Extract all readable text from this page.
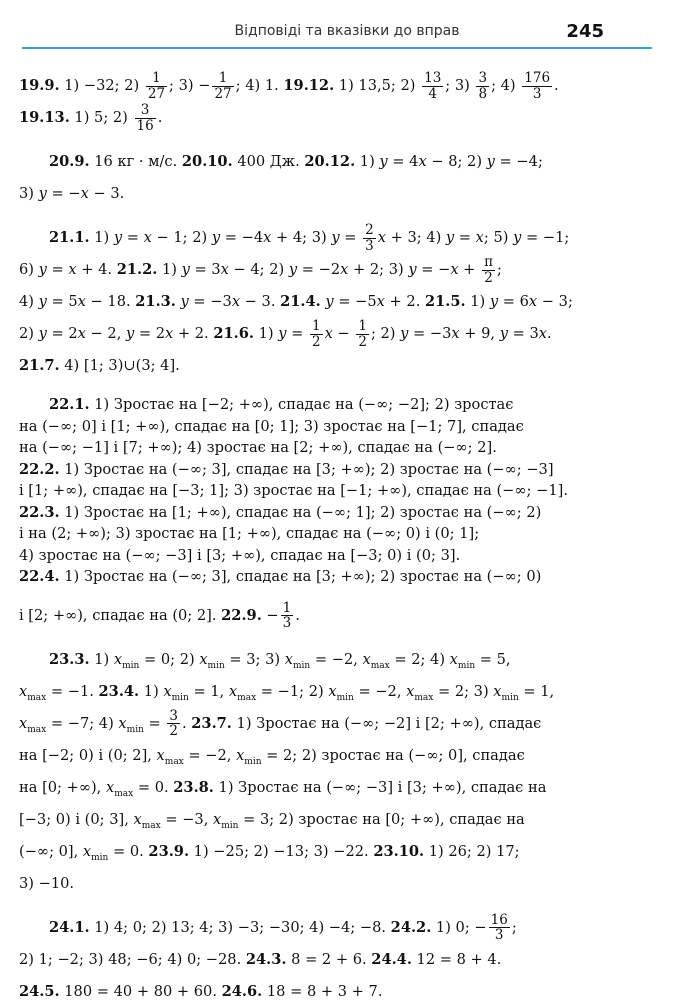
Відповіді та вказівки до вправ	245
19.9. 1) −32; $2) \frac{1}{27}$ ; $3) - \frac{1}{27}$ ; 4) 1. 19.12. 1) 13,5; $2) \frac{13}{4}$ ; $3) \frac{3}{8}$ ; $4) \frac{176}{3}$ .
19.13. 1) 5; $2) \frac{3}{16}$ .
20.9. 16 кг · м/с. 20.10. 400 Дж. 20.12. 1) y = 4x − 8; 2) y = −4;
3) y = −x − 3.
21.1. 1) y = x − 1; 2) y = −4x + 4; 3) $y = \frac{2}{3}$ x + 3; 4) y = x; 5) y = −1;
6) y = x + 4. 21.2. 1) y = 3x − 4; 2) y = −2x + 2; 3) $y = -x + \frac{\pi}{2}$ ;
4) y = 5x − 18. 21.3. y = −3x − 3. 21.4. y = −5x + 2. 21.5. 1) y = 6x − 3;
2) y = 2x − 2, y = 2x + 2. 21.6. 1) $y = \frac{1}{2}$ $x - \frac{1}{2}$ ; 2) y = −3x + 9, y = 3x.
21.7. 4) [1; 3)∪(3; 4].
22.1. 1) Зростає на [−2; +∞), спадає на (−∞; −2]; 2) зростає
на (−∞; 0] і [1; +∞), спадає на [0; 1]; 3) зростає на [−1; 7], спадає
на (−∞; −1] і [7; +∞); 4) зростає на [2; +∞), спадає на (−∞; 2].
22.2. 1) Зростає на (−∞; 3], спадає на [3; +∞); 2) зростає на (−∞; −3]
і [1; +∞), спадає на [−3; 1]; 3) зростає на [−1; +∞), спадає на (−∞; −1].
22.3. 1) Зростає на [1; +∞), спадає на (−∞; 1]; 2) зростає на (−∞; 2)
і на (2; +∞); 3) зростає на [1; +∞), спадає на (−∞; 0) і (0; 1];
4) зростає на (−∞; −3] і [3; +∞), спадає на [−3; 0) і (0; 3].
22.4. 1) Зростає на (−∞; 3], спадає на [3; +∞); 2) зростає на (−∞; 0)
і [2; +∞), спадає на (0; 2]. 22.9. − $\frac{1}{3}$ .
23.3. 1) $x_{min} = 0$; 2) $x_{min} = 3$; 3) $x_{min} = -2$, $x_{max} = 2$; 4) $x_{min} = 5$,
$x_{max} = -1$. 23.4. 1) $x_{min} = 1$, $x_{max} = -1$; 2) $x_{min} = -2$, $x_{max} = 2$; 3) $x_{min} = 1$,
$x_{max} = -7$; 4) $x_{min} = \frac{3}{2}$ . 23.7. 1) Зростає на (−∞; −2] і [2; +∞), спадає
на [−2; 0) і (0; 2], $x_{max} = -2$, $x_{min} = 2$; 2) зростає на (−∞; 0], спадає
на [0; +∞), $x_{max} = 0$. 23.8. 1) Зростає на (−∞; −3] і [3; +∞), спадає на
[−3; 0) і (0; 3], $x_{max} = -3$, $x_{min} = 3$; 2) зростає на [0; +∞), спадає на
(−∞; 0], $x_{min} = 0$. 23.9. 1) −25; 2) −13; 3) −22. 23.10. 1) 26; 2) 17;
3) −10.
24.1. 1) 4; 0; 2) 13; 4; 3) −3; −30; 4) −4; −8. 24.2. 1) 0; − $\frac{16}{3}$ ;
2) 1; −2; 3) 48; −6; 4) 0; −28. 24.3. 8 = 2 + 6. 24.4. 12 = 8 + 4.
24.5. 180 = 40 + 80 + 60. 24.6. 18 = 8 + 3 + 7.
